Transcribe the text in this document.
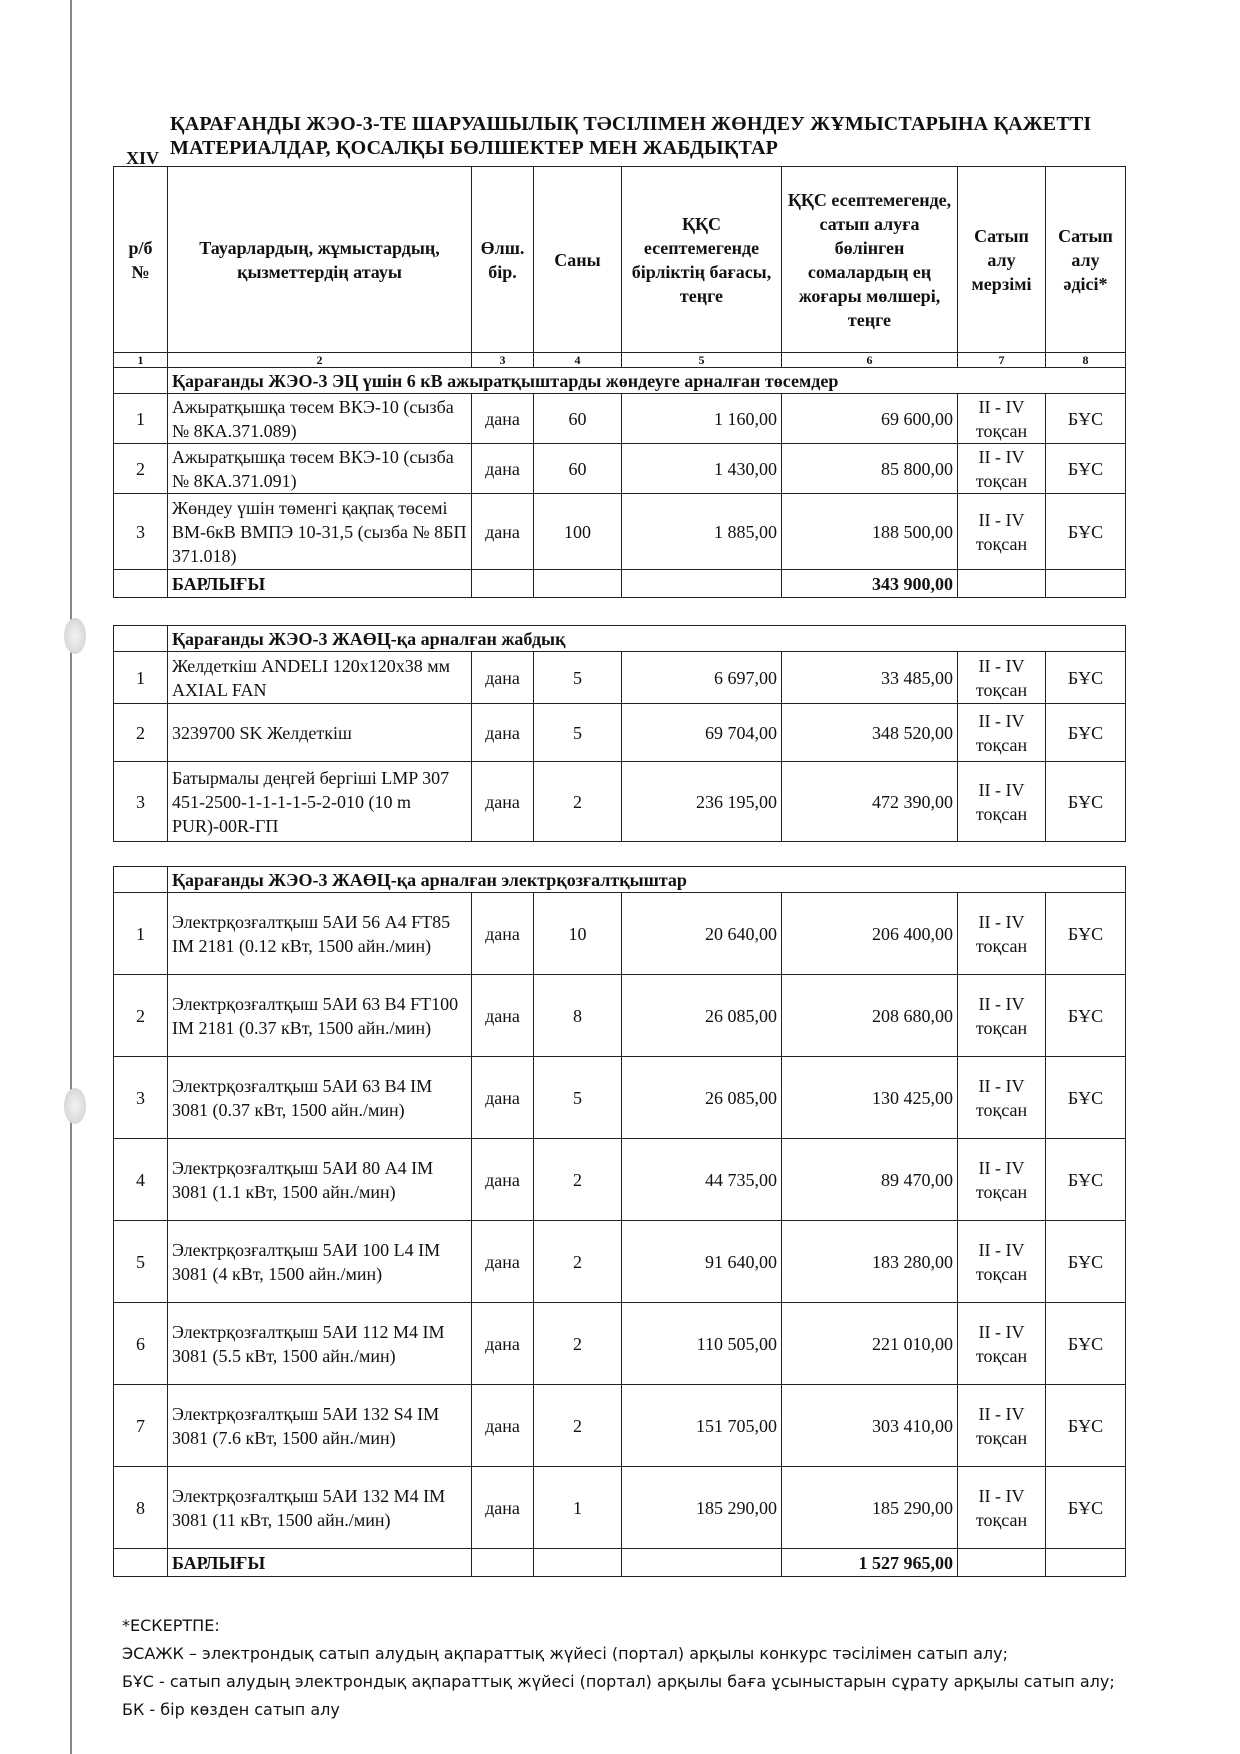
XIV
ҚАРАҒАНДЫ ЖЭО-3-ТЕ ШАРУАШЫЛЫҚ ТӘСІЛІМЕН ЖӨНДЕУ ЖҰМЫСТАРЫНА ҚАЖЕТТІ
МАТЕРИАЛДАР, ҚОСАЛҚЫ БӨЛШЕКТЕР МЕН ЖАБДЫҚТАР
р/б №	Тауарлардың, жұмыстардың, қызметтердің атауы	Өлш. бір.	Саны	ҚҚС есептемегенде бірліктің бағасы, теңге	ҚҚС есептемегенде, сатып алуға бөлінген сомалардың ең жоғары мөлшері, теңге	Сатып алу мерзімі	Сатып алу әдісі*
1	2	3	4	5	6	7	8
	Қарағанды ЖЭО-3 ЭЦ үшін 6 кВ ажыратқыштарды жөндеуге арналған төсемдер						
1	Ажыратқышқа төсем ВКЭ-10 (сызба № 8КА.371.089)	дана	60	1 160,00	69 600,00	II - IV тоқсан	БҰС
2	Ажыратқышқа төсем ВКЭ-10 (сызба № 8КА.371.091)	дана	60	1 430,00	85 800,00	II - IV тоқсан	БҰС
3	Жөндеу үшін төменгі қақпақ төсемі ВМ-6кВ ВМПЭ 10-31,5 (сызба № 8БП 371.018)	дана	100	1 885,00	188 500,00	II - IV тоқсан	БҰС
	БАРЛЫҒЫ				343 900,00		
	Қарағанды ЖЭО-3 ЖАӨЦ-қа арналған жабдық						
1	Желдеткіш ANDELI 120x120x38 мм AXIAL FAN	дана	5	6 697,00	33 485,00	II - IV тоқсан	БҰС
2	3239700 SK Желдеткіш	дана	5	69 704,00	348 520,00	II - IV тоқсан	БҰС
3	Батырмалы деңгей бергіші LMP 307 451-2500-1-1-1-1-5-2-010 (10 m PUR)-00R-ГП	дана	2	236 195,00	472 390,00	II - IV тоқсан	БҰС
	Қарағанды ЖЭО-3 ЖАӨЦ-қа арналған электрқозғалтқыштар						
1	Электрқозғалтқыш 5АИ 56 А4 FT85 IM 2181 (0.12 кВт, 1500 айн./мин)	дана	10	20 640,00	206 400,00	II - IV тоқсан	БҰС
2	Электрқозғалтқыш 5АИ 63 В4 FT100 IM 2181 (0.37 кВт, 1500 айн./мин)	дана	8	26 085,00	208 680,00	II - IV тоқсан	БҰС
3	Электрқозғалтқыш 5АИ 63 В4 IM 3081 (0.37 кВт, 1500 айн./мин)	дана	5	26 085,00	130 425,00	II - IV тоқсан	БҰС
4	Электрқозғалтқыш 5АИ 80 А4 IM 3081 (1.1 кВт, 1500 айн./мин)	дана	2	44 735,00	89 470,00	II - IV тоқсан	БҰС
5	Электрқозғалтқыш 5АИ 100 L4 IM 3081 (4 кВт, 1500 айн./мин)	дана	2	91 640,00	183 280,00	II - IV тоқсан	БҰС
6	Электрқозғалтқыш 5АИ 112 М4 IM 3081 (5.5 кВт, 1500 айн./мин)	дана	2	110 505,00	221 010,00	II - IV тоқсан	БҰС
7	Электрқозғалтқыш 5АИ 132 S4 IM 3081 (7.6 кВт, 1500 айн./мин)	дана	2	151 705,00	303 410,00	II - IV тоқсан	БҰС
8	Электрқозғалтқыш 5АИ 132 М4 IM 3081 (11 кВт, 1500 айн./мин)	дана	1	185 290,00	185 290,00	II - IV тоқсан	БҰС
	БАРЛЫҒЫ				1 527 965,00		
*ЕСКЕРТПЕ:
ЭСАЖК – электрондық сатып алудың ақпараттық жүйесі (портал) арқылы конкурс тәсілімен сатып алу;
БҰС - сатып алудың электрондық ақпараттық жүйесі (портал) арқылы баға ұсыныстарын сұрату арқылы сатып алу;
БК - бір көзден сатып алу
